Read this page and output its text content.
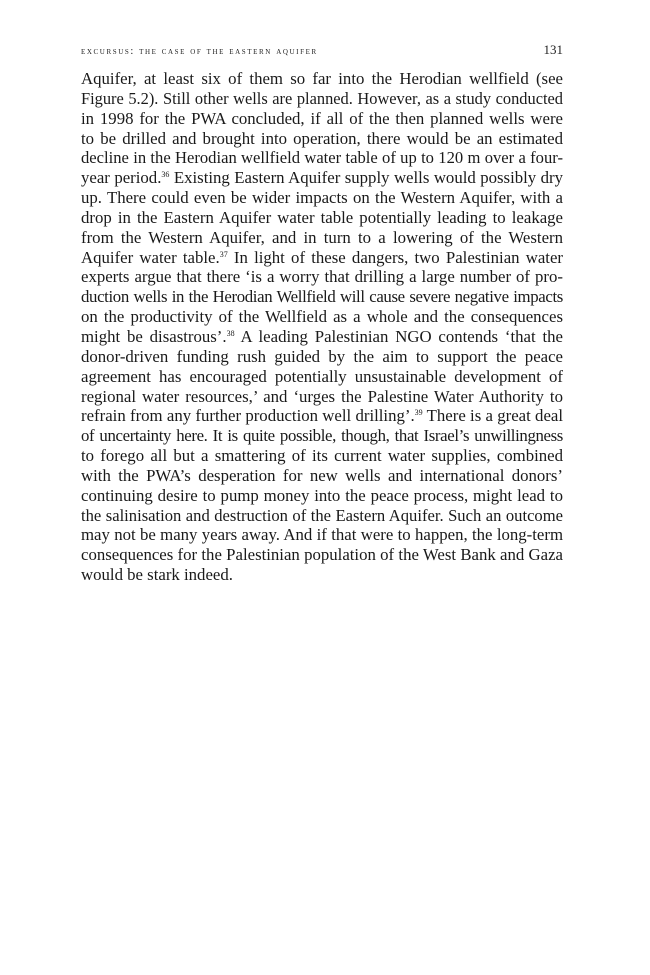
excursus: the case of the eastern aquifer	131
Aquifer, at least six of them so far into the Herodian wellfield (see
Figure 5.2). Still other wells are planned. However, as a study conducted
in 1998 for the PWA concluded, if all of the then planned wells were
to be drilled and brought into operation, there would be an estimated
decline in the Herodian wellfield water table of up to 120 m over a four-
year period.$^{36}$ Existing Eastern Aquifer supply wells would possibly dry
up. There could even be wider impacts on the Western Aquifer, with a
drop in the Eastern Aquifer water table potentially leading to leakage
from the Western Aquifer, and in turn to a lowering of the Western
Aquifer water table.$^{37}$ In light of these dangers, two Palestinian water
experts argue that there ‘is a worry that drilling a large number of pro-
duction wells in the Herodian Wellfield will cause severe negative impacts
on the productivity of the Wellfield as a whole and the consequences
might be disastrous’.$^{38}$ A leading Palestinian NGO contends ‘that the
donor-driven funding rush guided by the aim to support the peace
agreement has encouraged potentially unsustainable development of
regional water resources,’ and ‘urges the Palestine Water Authority to
refrain from any further production well drilling’.$^{39}$ There is a great deal
of uncertainty here. It is quite possible, though, that Israel’s unwillingness
to forego all but a smattering of its current water supplies, combined
with the PWA’s desperation for new wells and international donors’
continuing desire to pump money into the peace process, might lead to
the salinisation and destruction of the Eastern Aquifer. Such an outcome
may not be many years away. And if that were to happen, the long-term
consequences for the Palestinian population of the West Bank and Gaza
would be stark indeed.
